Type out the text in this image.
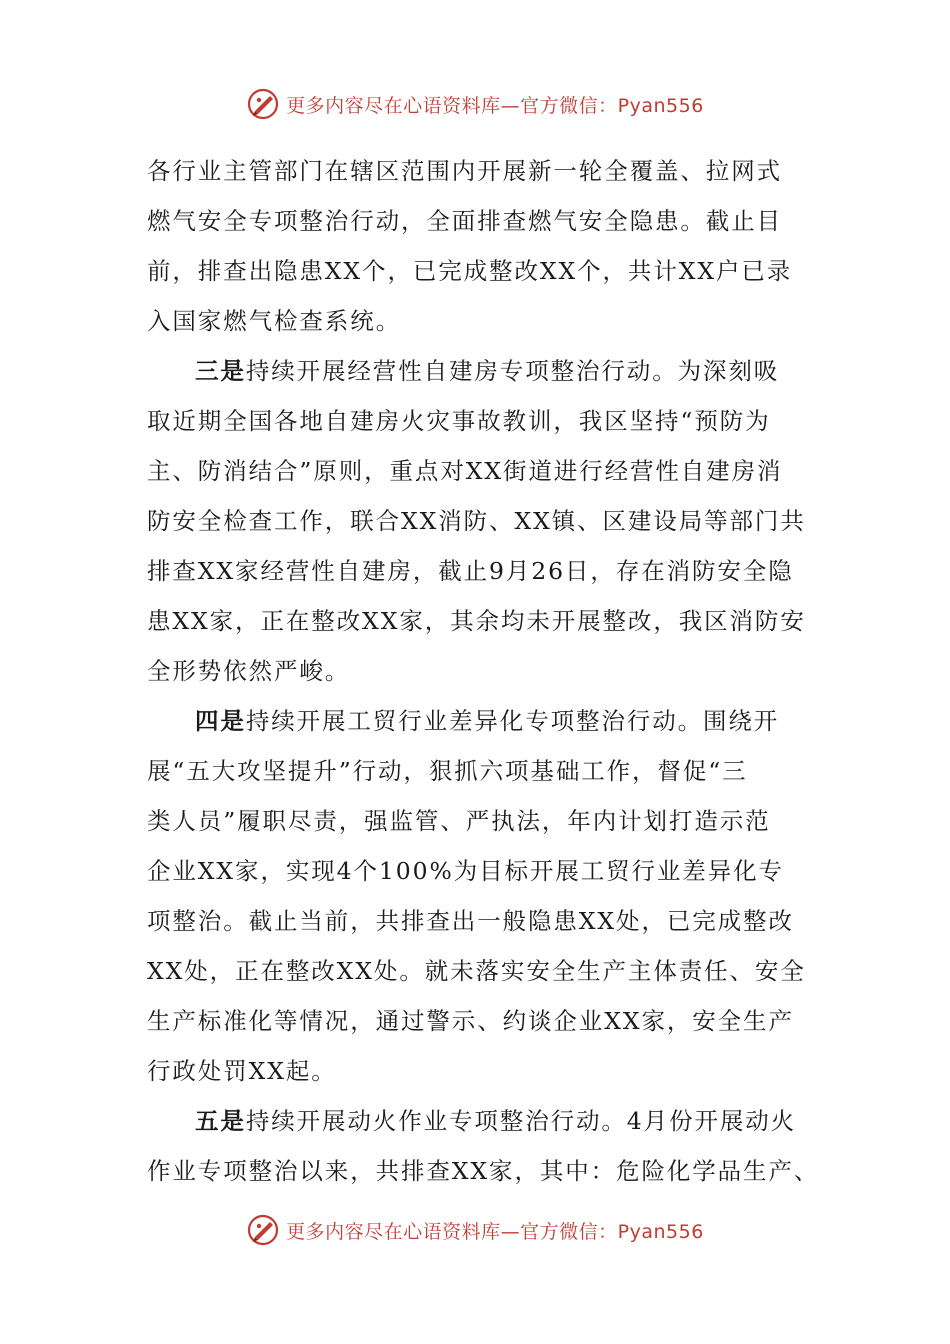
更多内容尽在心语资料库—官方微信：Pyan556
各行业主管部门在辖区范围内开展新一轮全覆盖、拉网式
燃气安全专项整治行动，全面排查燃气安全隐患。截止目
前，排查出隐患XX个，已完成整改XX个，共计XX户已录
入国家燃气检查系统。
三是持续开展经营性自建房专项整治行动。为深刻吸
取近期全国各地自建房火灾事故教训，我区坚持“预防为
主、防消结合”原则，重点对XX街道进行经营性自建房消
防安全检查工作，联合XX消防、XX镇、区建设局等部门共
排查XX家经营性自建房，截止9月26日，存在消防安全隐
患XX家，正在整改XX家，其余均未开展整改，我区消防安
全形势依然严峻。
四是持续开展工贸行业差异化专项整治行动。围绕开
展“五大攻坚提升”行动，狠抓六项基础工作，督促“三
类人员”履职尽责，强监管、严执法，年内计划打造示范
企业XX家，实现4个100%为目标开展工贸行业差异化专
项整治。截止当前，共排查出一般隐患XX处，已完成整改
XX处，正在整改XX处。就未落实安全生产主体责任、安全
生产标准化等情况，通过警示、约谈企业XX家，安全生产
行政处罚XX起。
五是持续开展动火作业专项整治行动。4月份开展动火
作业专项整治以来，共排查XX家，其中：危险化学品生产、
更多内容尽在心语资料库—官方微信：Pyan556
